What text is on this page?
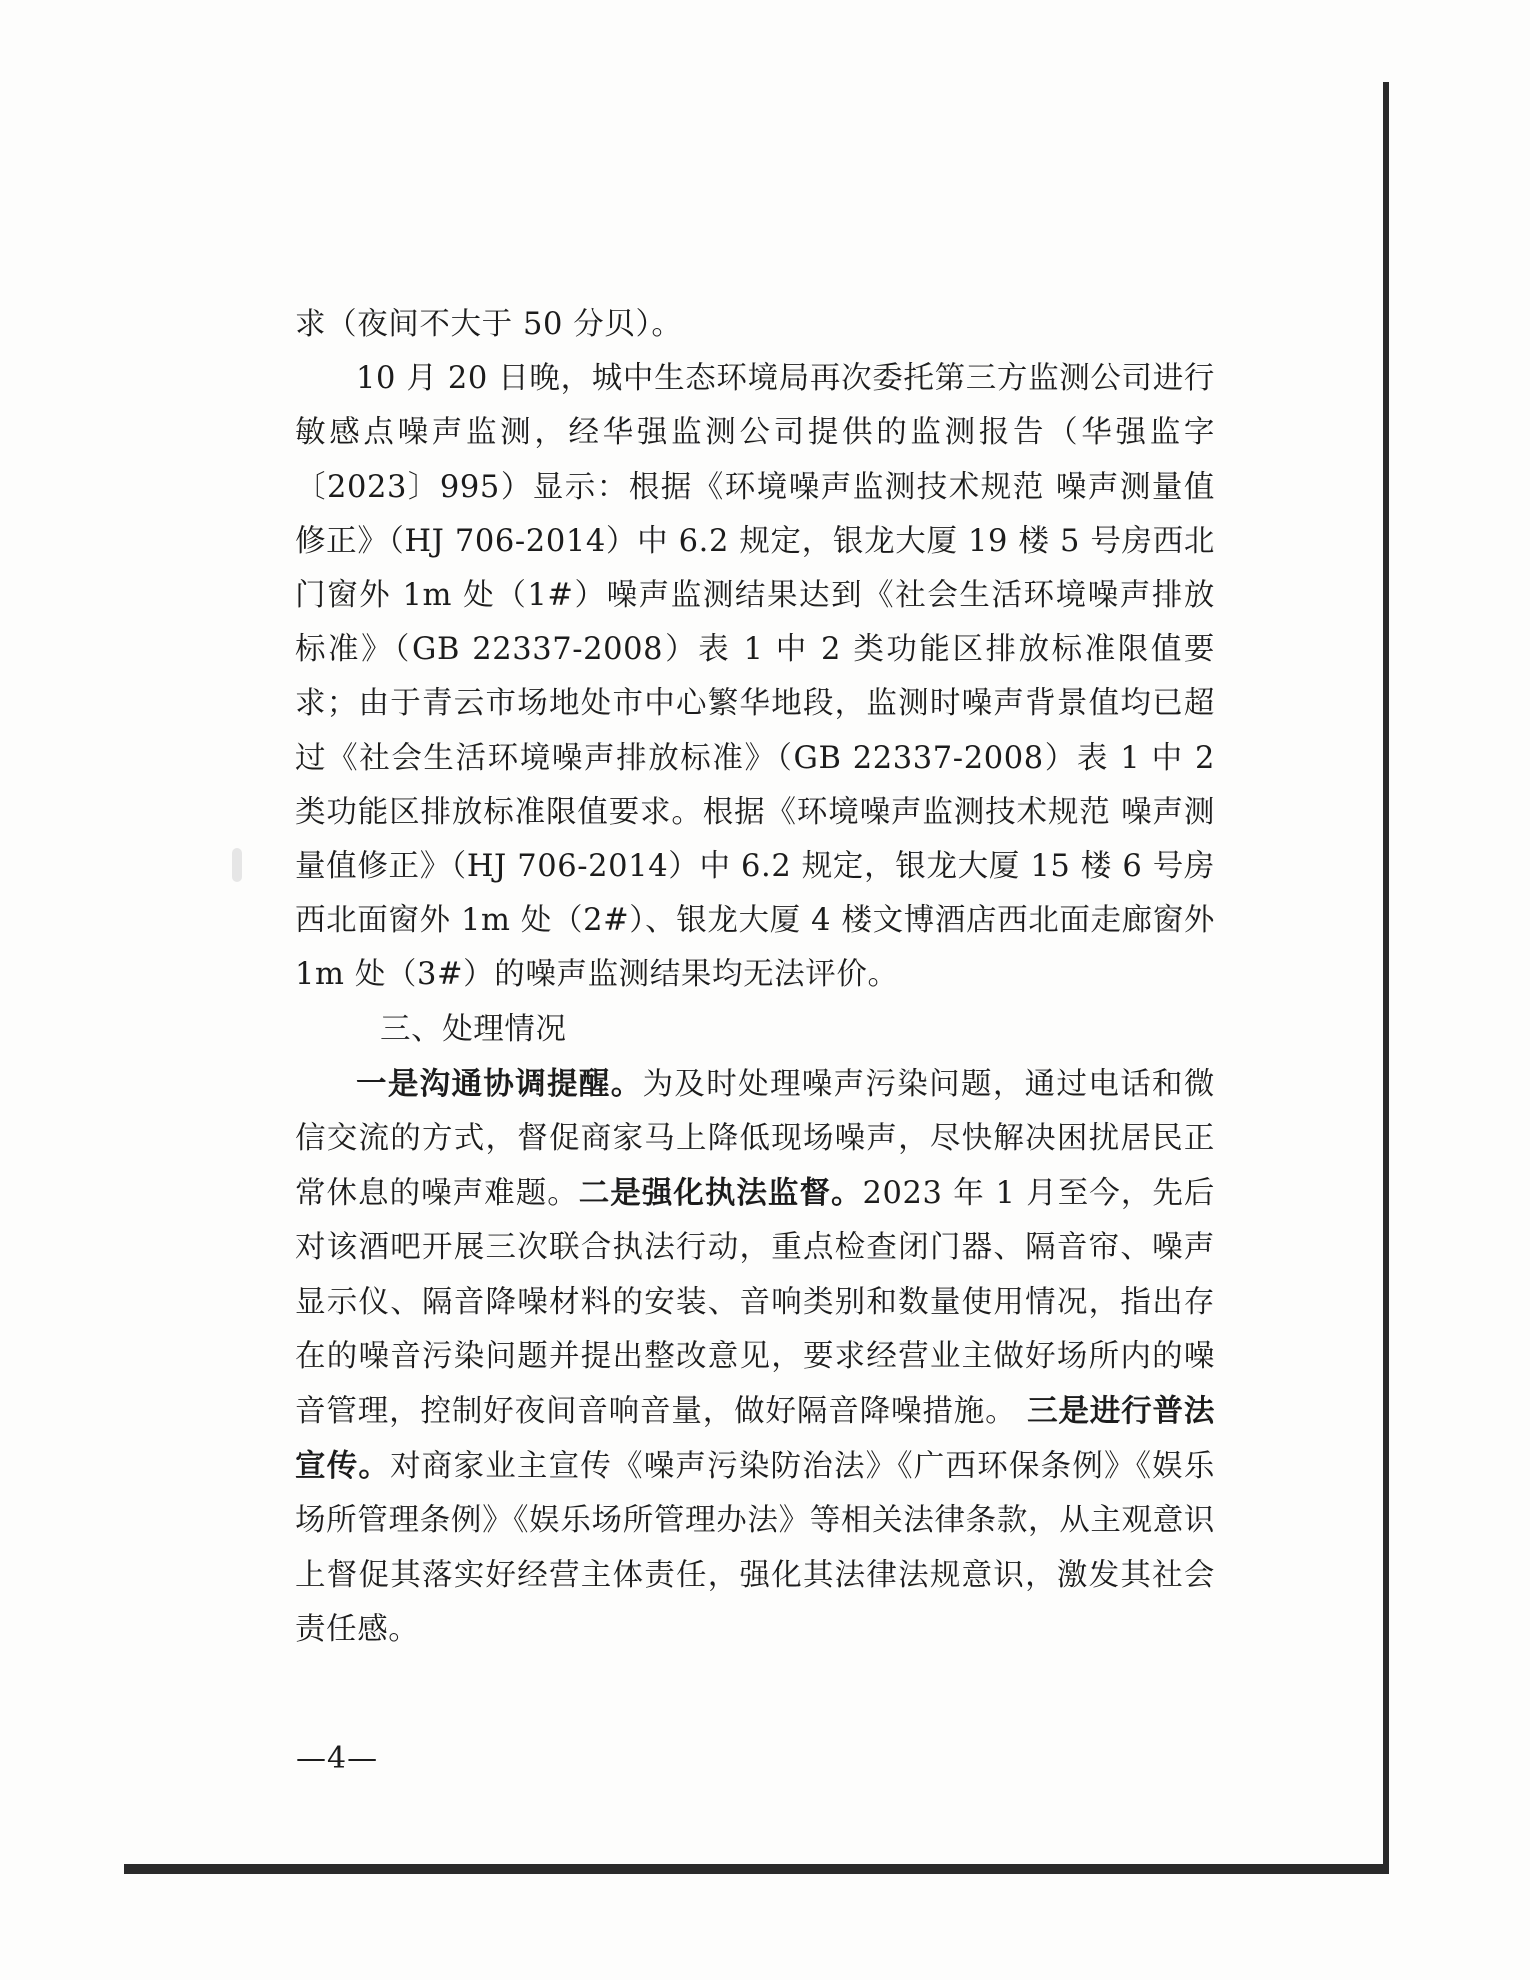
求（夜间不大于 50 分贝）。
10 月 20 日晚，城中生态环境局再次委托第三方监测公司进行敏感点噪声监测，经华强监测公司提供的监测报告（华强监字〔2023〕995）显示：根据《环境噪声监测技术规范 噪声测量值修正》（HJ 706-2014）中 6.2 规定，银龙大厦 19 楼 5 号房西北门窗外 1m 处（1#）噪声监测结果达到《社会生活环境噪声排放标准》（GB 22337-2008）表 1 中 2 类功能区排放标准限值要求；由于青云市场地处市中心繁华地段，监测时噪声背景值均已超过《社会生活环境噪声排放标准》（GB 22337-2008）表 1 中 2 类功能区排放标准限值要求。根据《环境噪声监测技术规范 噪声测量值修正》（HJ 706-2014）中 6.2 规定，银龙大厦 15 楼 6 号房西北面窗外 1m 处（2#）、银龙大厦 4 楼文博酒店西北面走廊窗外 1m 处（3#）的噪声监测结果均无法评价。
三、处理情况
一是沟通协调提醒。为及时处理噪声污染问题，通过电话和微信交流的方式，督促商家马上降低现场噪声，尽快解决困扰居民正常休息的噪声难题。二是强化执法监督。2023 年 1 月至今，先后对该酒吧开展三次联合执法行动，重点检查闭门器、隔音帘、噪声显示仪、隔音降噪材料的安装、音响类别和数量使用情况，指出存在的噪音污染问题并提出整改意见，要求经营业主做好场所内的噪音管理，控制好夜间音响音量，做好隔音降噪措施。 三是进行普法宣传。对商家业主宣传《噪声污染防治法》《广西环保条例》《娱乐场所管理条例》《娱乐场所管理办法》等相关法律条款，从主观意识上督促其落实好经营主体责任，强化其法律法规意识，激发其社会责任感。
—4—
